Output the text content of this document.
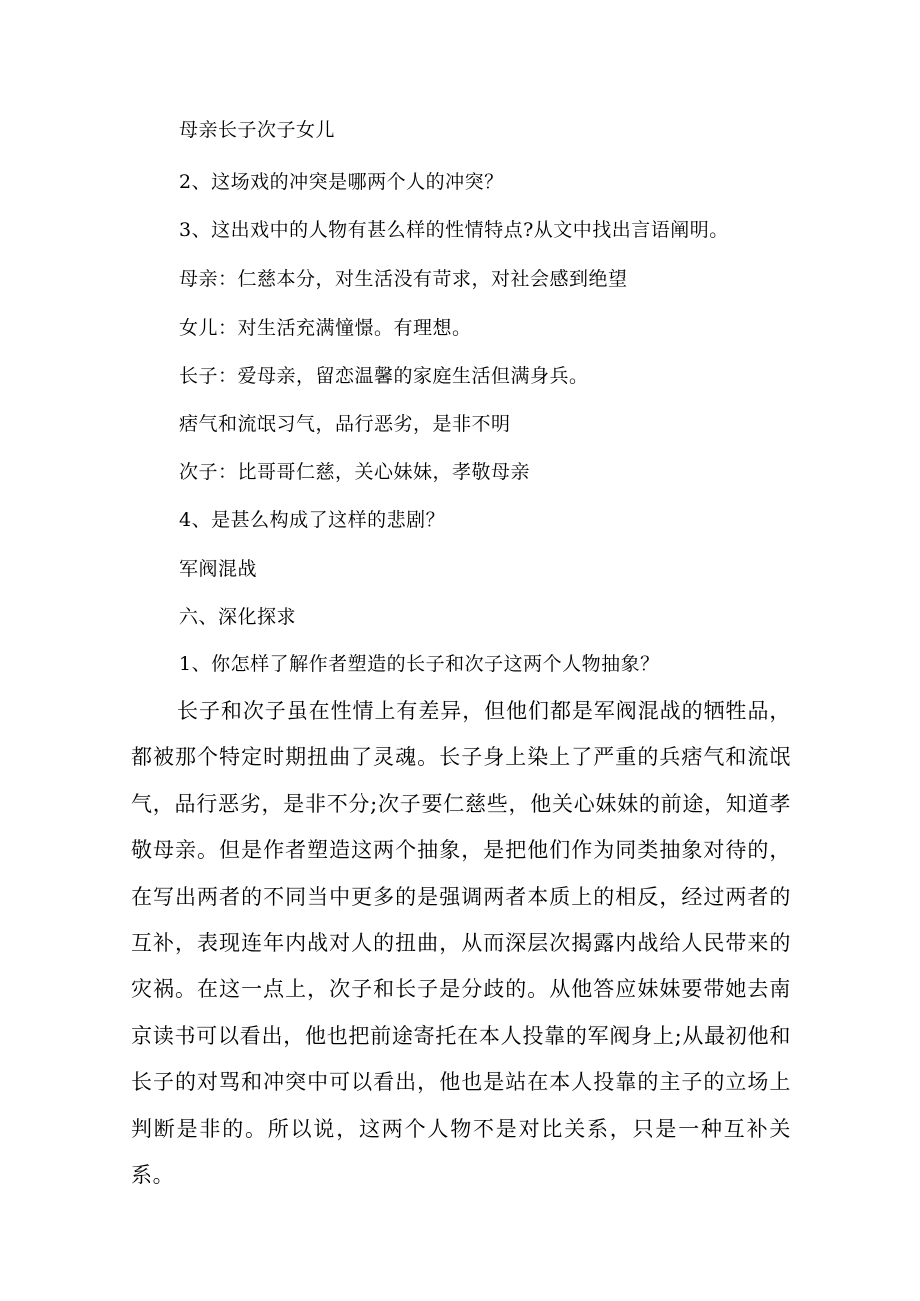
母亲长子次子女儿
2、这场戏的冲突是哪两个人的冲突？
3、这出戏中的人物有甚么样的性情特点?从文中找出言语阐明。
母亲：仁慈本分，对生活没有苛求，对社会感到绝望
女儿：对生活充满憧憬。有理想。
长子：爱母亲，留恋温馨的家庭生活但满身兵。
痞气和流氓习气，品行恶劣，是非不明
次子：比哥哥仁慈，关心妹妹，孝敬母亲
4、是甚么构成了这样的悲剧？
军阀混战
六、深化探求
1、你怎样了解作者塑造的长子和次子这两个人物抽象？
长子和次子虽在性情上有差异，但他们都是军阀混战的牺牲品，都被那个特定时期扭曲了灵魂。长子身上染上了严重的兵痞气和流氓气，品行恶劣，是非不分;次子要仁慈些，他关心妹妹的前途，知道孝敬母亲。但是作者塑造这两个抽象，是把他们作为同类抽象对待的，在写出两者的不同当中更多的是强调两者本质上的相反，经过两者的互补，表现连年内战对人的扭曲，从而深层次揭露内战给人民带来的灾祸。在这一点上，次子和长子是分歧的。从他答应妹妹要带她去南京读书可以看出，他也把前途寄托在本人投靠的军阀身上;从最初他和长子的对骂和冲突中可以看出，他也是站在本人投靠的主子的立场上判断是非的。所以说，这两个人物不是对比关系，只是一种互补关系。
